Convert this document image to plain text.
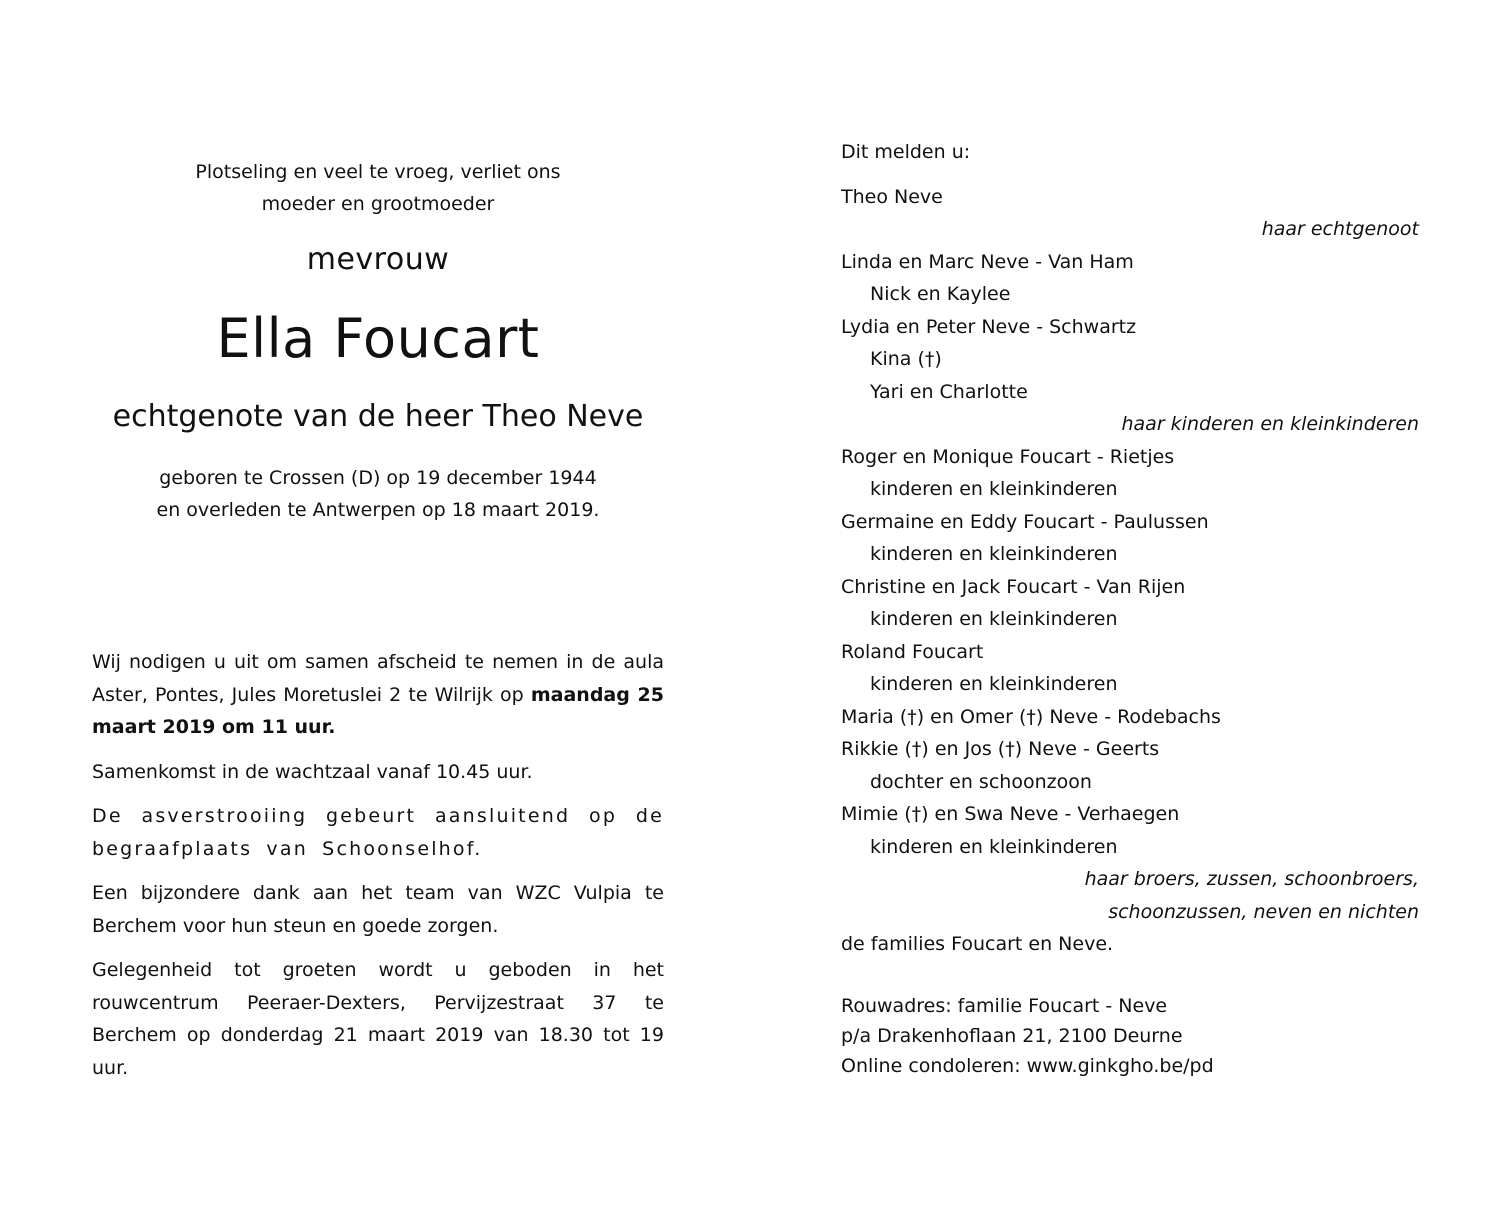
Plotseling en veel te vroeg, verliet ons
moeder en grootmoeder
mevrouw
Ella Foucart
echtgenote van de heer Theo Neve
geboren te Crossen (D) op 19 december 1944
en overleden te Antwerpen op 18 maart 2019.

Wij nodigen u uit om samen afscheid te nemen in de aula Aster, Pontes, Jules Moretuslei 2 te Wilrijk op maandag 25 maart 2019 om 11 uur.

Samenkomst in de wachtzaal vanaf 10.45 uur.

De asverstrooiing gebeurt aansluitend op de begraafplaats van Schoonselhof.

Een bijzondere dank aan het team van WZC Vulpia te Berchem voor hun steun en goede zorgen.

Gelegenheid tot groeten wordt u geboden in het rouwcentrum Peeraer-Dexters, Pervijzestraat 37 te Berchem op donderdag 21 maart 2019 van 18.30 tot 19 uur.

Dit melden u:
Theo Neve
haar echtgenoot
Linda en Marc Neve - Van Ham
Nick en Kaylee
Lydia en Peter Neve - Schwartz
Kina (†)
Yari en Charlotte
haar kinderen en kleinkinderen
Roger en Monique Foucart - Rietjes
kinderen en kleinkinderen
Germaine en Eddy Foucart - Paulussen
kinderen en kleinkinderen
Christine en Jack Foucart - Van Rijen
kinderen en kleinkinderen
Roland Foucart
kinderen en kleinkinderen
Maria (†) en Omer (†) Neve - Rodebachs
Rikkie (†) en Jos (†) Neve - Geerts
dochter en schoonzoon
Mimie (†) en Swa Neve - Verhaegen
kinderen en kleinkinderen
haar broers, zussen, schoonbroers,
schoonzussen, neven en nichten
de families Foucart en Neve.
Rouwadres: familie Foucart - Neve
p/a Drakenhoflaan 21, 2100 Deurne
Online condoleren: www.ginkgho.be/pd
